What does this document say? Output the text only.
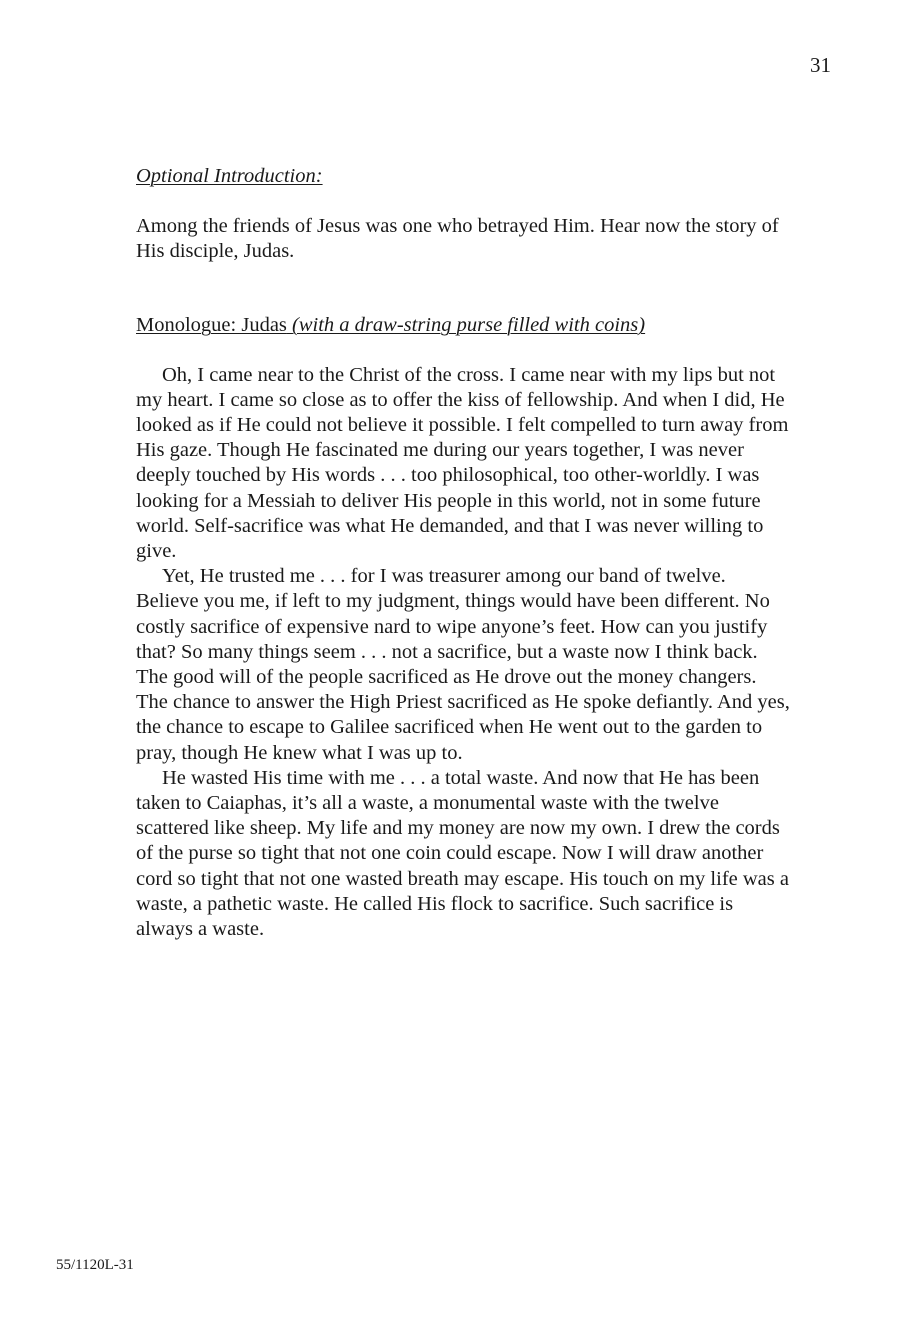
31
Optional Introduction:

Among the friends of Jesus was one who betrayed Him. Hear now the story of His disciple, Judas.

Monologue: Judas (with a draw-string purse filled with coins)

Oh, I came near to the Christ of the cross. I came near with my lips but not my heart. I came so close as to offer the kiss of fellowship. And when I did, He looked as if He could not believe it possible. I felt compelled to turn away from His gaze. Though He fascinated me during our years together, I was never deeply touched by His words . . . too philosophical, too other-worldly. I was looking for a Messiah to deliver His people in this world, not in some future world. Self-sacrifice was what He demanded, and that I was never willing to give.

Yet, He trusted me . . . for I was treasurer among our band of twelve. Believe you me, if left to my judgment, things would have been different. No costly sacrifice of expensive nard to wipe anyone’s feet. How can you justify that? So many things seem . . . not a sacrifice, but a waste now I think back. The good will of the people sacrificed as He drove out the money changers. The chance to answer the High Priest sacrificed as He spoke defiantly. And yes, the chance to escape to Galilee sacrificed when He went out to the garden to pray, though He knew what I was up to.

He wasted His time with me . . . a total waste. And now that He has been taken to Caiaphas, it’s all a waste, a monumental waste with the twelve scattered like sheep. My life and my money are now my own. I drew the cords of the purse so tight that not one coin could escape. Now I will draw another cord so tight that not one wasted breath may escape. His touch on my life was a waste, a pathetic waste. He called His flock to sacrifice. Such sacrifice is always a waste.

55/1120L-31
